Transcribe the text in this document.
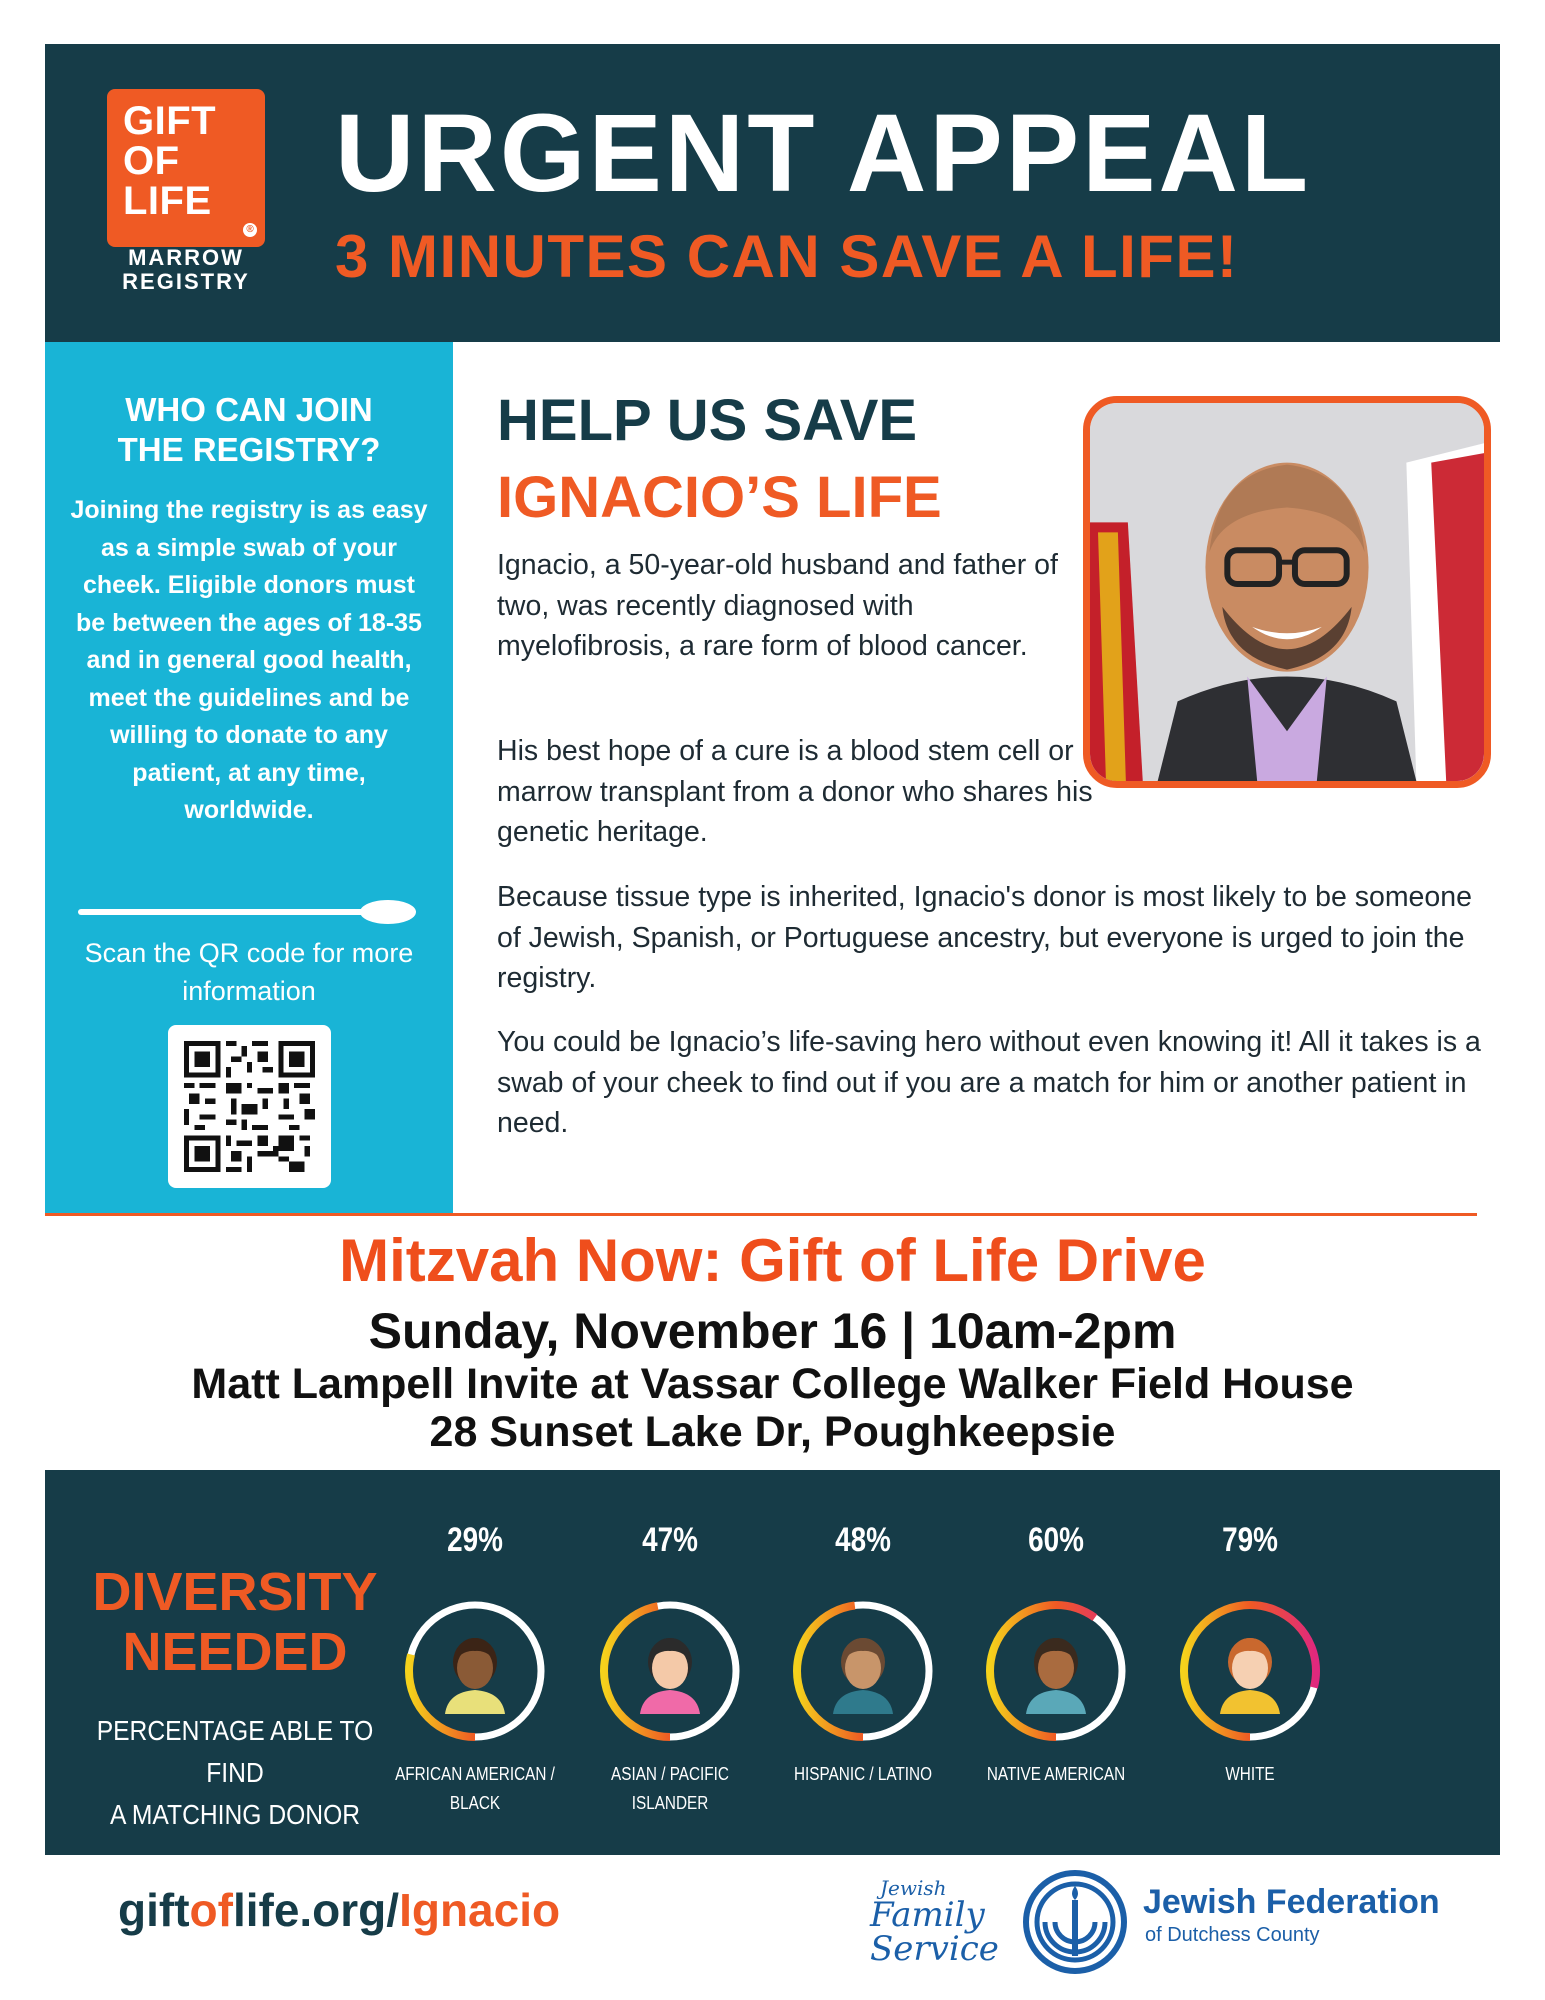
GIFT
OF
LIFE
®
MARROW
REGISTRY
URGENT APPEAL
3 MINUTES CAN SAVE A LIFE!
WHO CAN JOIN
THE REGISTRY?
Joining the registry is as easy as a simple swab of your cheek. Eligible donors must be between the ages of 18-35 and in general good health, meet the guidelines and be willing to donate to any patient, at any time, worldwide.
Scan the QR code for more information
HELP US SAVE
IGNACIO’S LIFE

Ignacio, a 50-year-old husband and father of two, was recently diagnosed with myelofibrosis, a rare form of blood cancer.

His best hope of a cure is a blood stem cell or marrow transplant from a donor who shares his genetic heritage.

Because tissue type is inherited, Ignacio's donor is most likely to be someone of Jewish, Spanish, or Portuguese ancestry, but everyone is urged to join the registry.

You could be Ignacio’s life-saving hero without even knowing it! All it takes is a swab of your cheek to find out if you are a match for him or another patient in need.

Mitzvah Now: Gift of Life Drive
Sunday, November 16 | 10am-2pm
Matt Lampell Invite at Vassar College Walker Field House
28 Sunset Lake Dr, Poughkeepsie
DIVERSITY
NEEDED
PERCENTAGE ABLE TO FIND
A MATCHING DONOR
29%
AFRICAN AMERICAN /
BLACK
47%
ASIAN / PACIFIC
ISLANDER
48%
HISPANIC / LATINO
60%
NATIVE AMERICAN
79%
WHITE
giftoflife.org/Ignacio	Jewish
Family
Service
Jewish Federation
of Dutchess County
